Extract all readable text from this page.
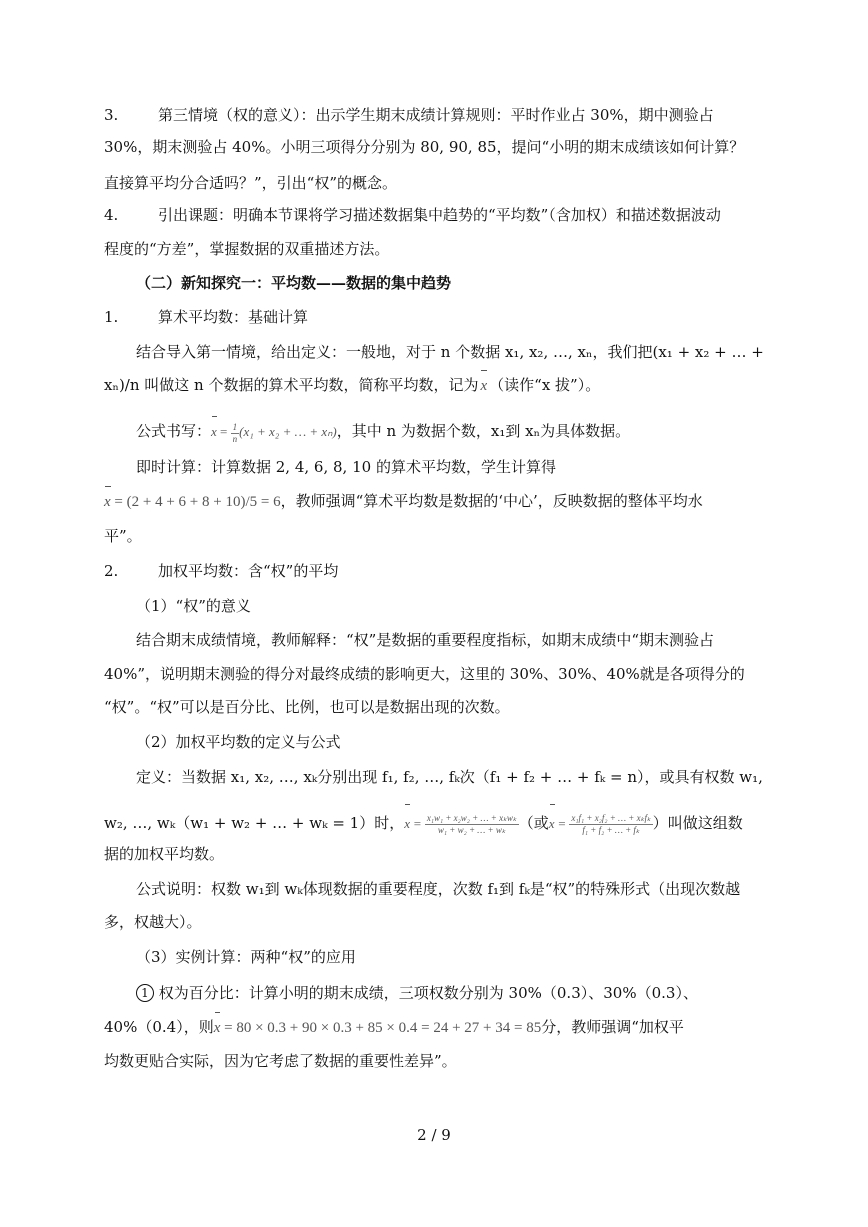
3.	第三情境（权的意义）：出示学生期末成绩计算规则：平时作业占 30%，期中测验占
30%，期末测验占 40%。小明三项得分分别为 80, 90, 85，提问“小明的期末成绩该如何计算？
直接算平均分合适吗？”，引出“权”的概念。
4.	引出课题：明确本节课将学习描述数据集中趋势的“平均数”（含加权）和描述数据波动
程度的“方差”，掌握数据的双重描述方法。
（二）新知探究一：平均数——数据的集中趋势
1.	算术平均数：基础计算
结合导入第一情境，给出定义：一般地，对于 n 个数据 x₁, x₂, …, xₙ，我们把(x₁ + x₂ + … +
xₙ)/n 叫做这 n 个数据的算术平均数，简称平均数，记为 x （读作“x 拔”）。
公式书写：$x = \frac{1}{n} (x_1 + x_2$ + … + xₙ)，其中 n 为数据个数，x₁到 xₙ为具体数据。
即时计算：计算数据 2, 4, 6, 8, 10 的算术平均数，学生计算得
x = (2 + 4 + 6 + 8 + 10)/5 = 6，教师强调“算术平均数是数据的‘中心’，反映数据的整体平均水
平”。
2.	加权平均数：含“权”的平均
（1）“权”的意义
结合期末成绩情境，教师解释：“权”是数据的重要程度指标，如期末成绩中“期末测验占
40%”，说明期末测验的得分对最终成绩的影响更大，这里的 30%、30%、40%就是各项得分的
“权”。“权”可以是百分比、比例，也可以是数据出现的次数。
（2）加权平均数的定义与公式
定义：当数据 x₁, x₂, …, xₖ分别出现 f₁, f₂, …, fₖ次（f₁ + f₂ + … + fₖ = n），或具有权数 w₁,
w₂, …, wₖ（w₁ + w₂ + … + wₖ = 1）时，$x = \frac{\text{x₁w₁ + x₂w₂ + … + xₖwₖ}}{\text{w₁ + w₂ + … + wₖ}}$ （或$x = \frac{\text{x₁f₁ + x₂f₂ + … + xₖfₖ}}{\text{f₁ + f₂ + … + fₖ}}$ ）叫做这组数
据的加权平均数。
公式说明：权数 w₁到 wₖ体现数据的重要程度，次数 f₁到 fₖ是“权”的特殊形式（出现次数越
多，权越大）。
（3）实例计算：两种“权”的应用
1 权为百分比：计算小明的期末成绩，三项权数分别为 30%（0.3）、30%（0.3）、
40%（0.4），则x = 80 × 0.3 + 90 × 0.3 + 85 × 0.4 = 24 + 27 + 34 = 85分，教师强调“加权平
均数更贴合实际，因为它考虑了数据的重要性差异”。
2 / 9
